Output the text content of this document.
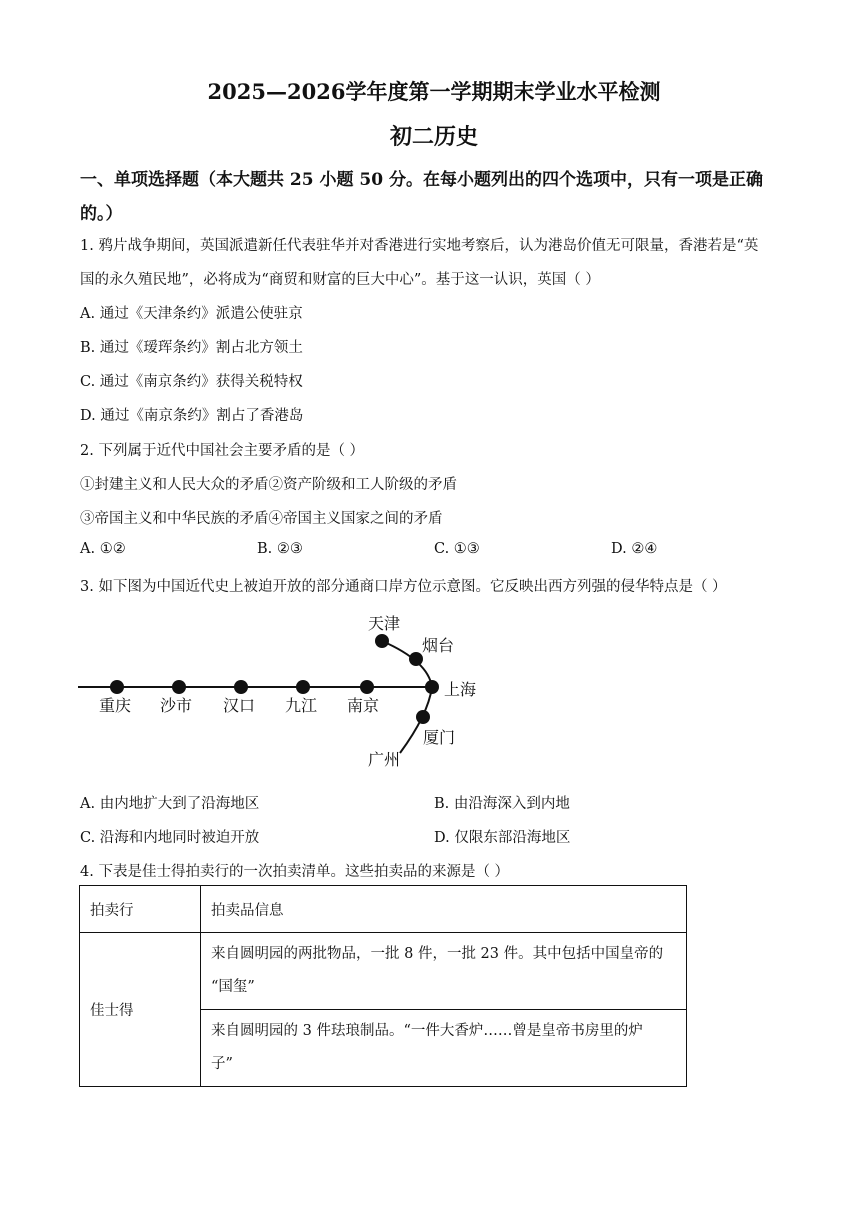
2025—2026学年度第一学期期末学业水平检测
初二历史
一、单项选择题（本大题共 25 小题 50 分。在每小题列出的四个选项中，只有一项是正确
的。）
1. 鸦片战争期间，英国派遣新任代表驻华并对香港进行实地考察后，认为港岛价值无可限量，香港若是“英
国的永久殖民地”，必将成为“商贸和财富的巨大中心”。基于这一认识，英国（ ）
A. 通过《天津条约》派遣公使驻京
B. 通过《瑷珲条约》割占北方领土
C. 通过《南京条约》获得关税特权
D. 通过《南京条约》割占了香港岛
2. 下列属于近代中国社会主要矛盾的是（ ）
①封建主义和人民大众的矛盾②资产阶级和工人阶级的矛盾
③帝国主义和中华民族的矛盾④帝国主义国家之间的矛盾
A. ①②	B. ②③	C. ①③	D. ②④
3. 如下图为中国近代史上被迫开放的部分通商口岸方位示意图。它反映出西方列强的侵华特点是（ ）
重庆 沙市 汉口 九江 南京
上海
天津
烟台
厦门
广州
A. 由内地扩大到了沿海地区	B. 由沿海深入到内地
C. 沿海和内地同时被迫开放	D. 仅限东部沿海地区
4. 下表是佳士得拍卖行的一次拍卖清单。这些拍卖品的来源是（ ）
拍卖行	拍卖品信息
佳士得	来自圆明园的两批物品，一批 8 件，一批 23 件。其中包括中国皇帝的
“国玺”

	来自圆明园的 3 件珐琅制品。“一件大香炉……曾是皇帝书房里的炉
子”
